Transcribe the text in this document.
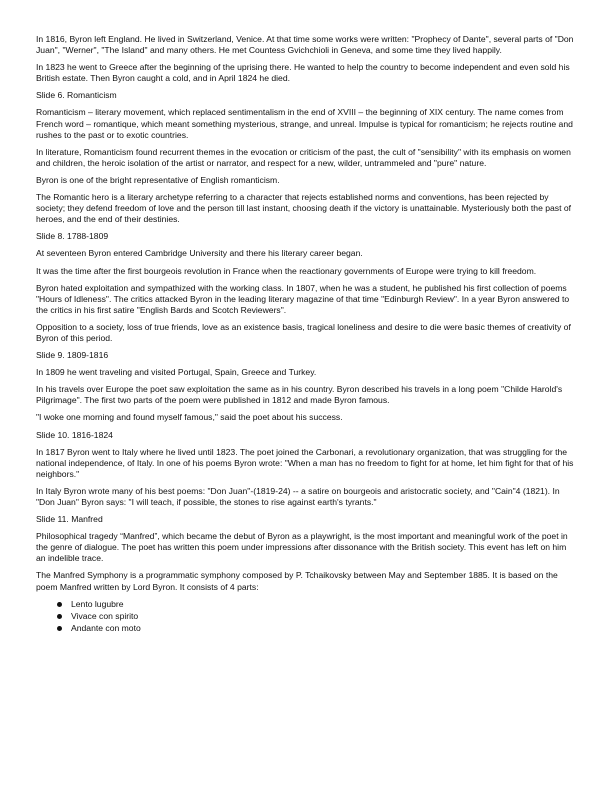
In 1816, Byron left England. He lived in Switzerland, Venice. At that time some works were written: "Prophecy of Dante", several parts of "Don Juan", "Werner", "The Island" and many others. He met Countess Gvichchioli in Geneva, and some time they lived happily.

In 1823 he went to Greece after the beginning of the uprising there. He wanted to help the country to become independent and even sold his British estate. Then Byron caught a cold, and in April 1824 he died.

Slide 6. Romanticism

Romanticism – literary movement, which replaced sentimentalism in the end of XVIII – the beginning of XIX century. The name comes from French word – romantique, which meant something mysterious, strange, and unreal. Impulse is typical for romanticism; he rejects routine and rushes to the past or to exotic countries.

In literature, Romanticism found recurrent themes in the evocation or criticism of the past, the cult of "sensibility" with its emphasis on women and children, the heroic isolation of the artist or narrator, and respect for a new, wilder, untrammeled and "pure" nature.

Byron is one of the bright representative of English romanticism.

The Romantic hero is a literary archetype referring to a character that rejects established norms and conventions, has been rejected by society; they defend freedom of love and the person till last instant, choosing death if the victory is unattainable. Mysteriously both the past of heroes, and the end of their destinies.

Slide 8. 1788-1809

At seventeen Byron entered Cambridge University and there his literary career began.

It was the time after the first bourgeois revolution in France when the reactionary governments of Europe were trying to kill freedom.

Byron hated exploitation and sympathized with the working class. In 1807, when he was a student, he published his first collection of poems "Hours of Idleness". The critics attacked Byron in the leading literary magazine of that time "Edinburgh Review". In a year Byron answered to the critics in his first satire "English Bards and Scotch Reviewers".

Opposition to a society, loss of true friends, love as an existence basis, tragical loneliness and desire to die were basic themes of creativity of Byron of this period.

Slide 9. 1809-1816

In 1809 he went traveling and visited Portugal, Spain, Greece and Turkey.

In his travels over Europe the poet saw exploitation the same as in his country. Byron described his travels in a long poem "Childe Harold's Pilgrimage". The first two parts of the poem were published in 1812 and made Byron famous.

"I woke one morning and found myself famous," said the poet about his success.

Slide 10. 1816-1824

In 1817 Byron went to Italy where he lived until 1823. The poet joined the Carbonari, a revolutionary organization, that was struggling for the national independence, of Italy. In one of his poems Byron wrote: "When a man has no freedom to fight for at home, let him fight for that of his neighbors."

In Italy Byron wrote many of his best poems: "Don Juan"-(1819-24) -- a satire on bourgeois and aristocratic society, and "Cain"4 (1821). In "Don Juan" Byron says: "I will teach, if possible, the stones to rise against earth's tyrants."

Slide 11. Manfred

Philosophical tragedy “Manfred”, which became the debut of Byron as a playwright, is the most important and meaningful work of the poet in the genre of dialogue. The poet has written this poem under impressions after dissonance with the British society. This event has left on him an indelible trace.

The Manfred Symphony is a programmatic symphony composed by P. Tchaikovsky between May and September 1885. It is based on the poem Manfred written by Lord Byron. It consists of 4 parts:

Lento lugubre
Vivace con spirito
Andante con moto
